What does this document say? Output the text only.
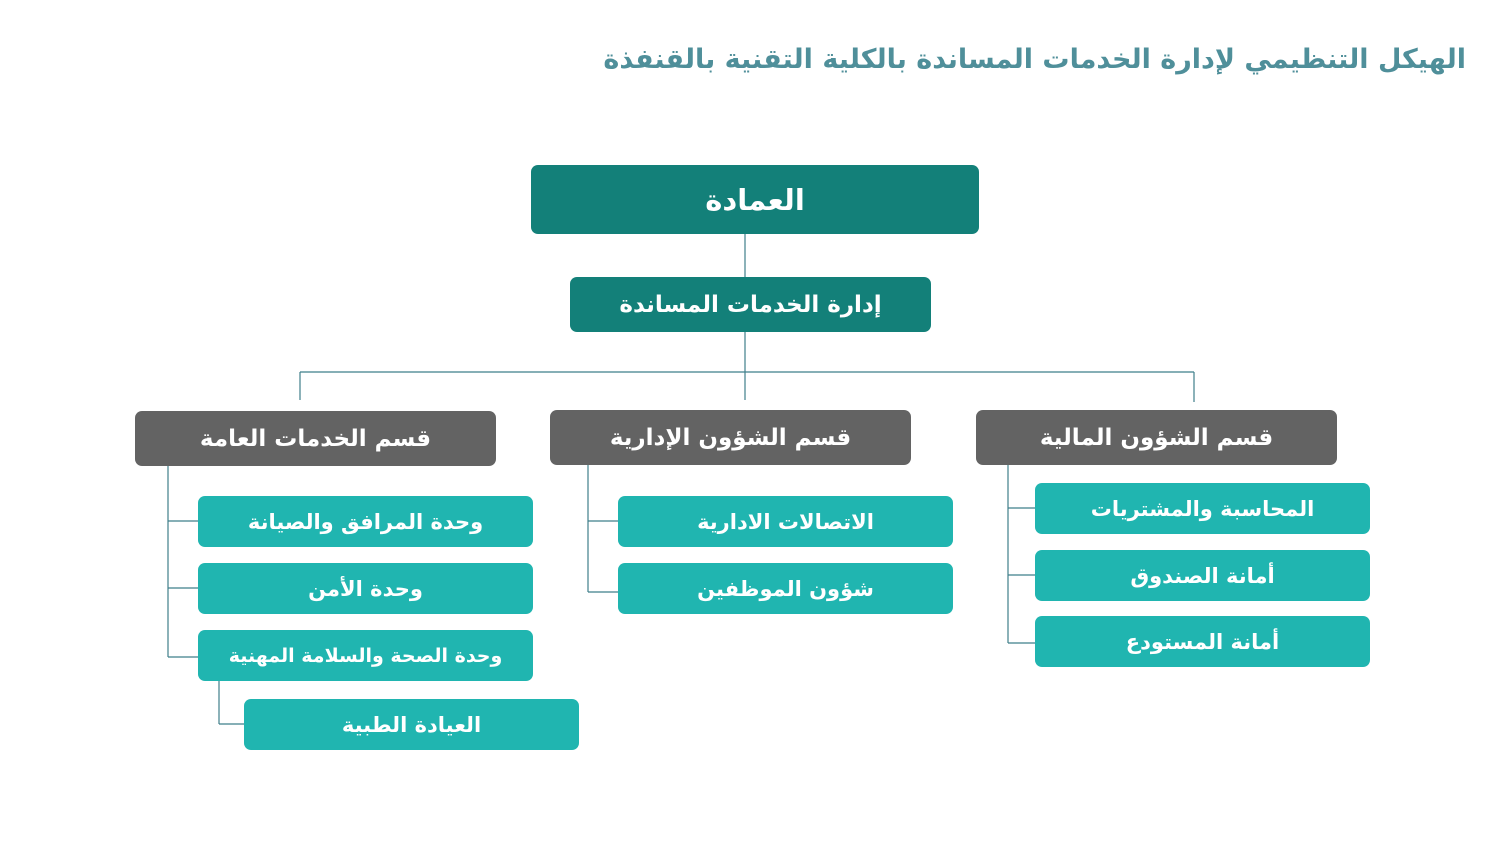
الهيكل التنظيمي لإدارة الخدمات المساندة بالكلية التقنية بالقنفذة
العمادة
إدارة الخدمات المساندة
قسم الشؤون المالية
قسم الشؤون الإدارية
قسم الخدمات العامة
المحاسبة والمشتريات
أمانة الصندوق
أمانة المستودع
الاتصالات الادارية
شؤون الموظفين
وحدة المرافق والصيانة
وحدة الأمن
وحدة الصحة والسلامة المهنية
العيادة الطبية
